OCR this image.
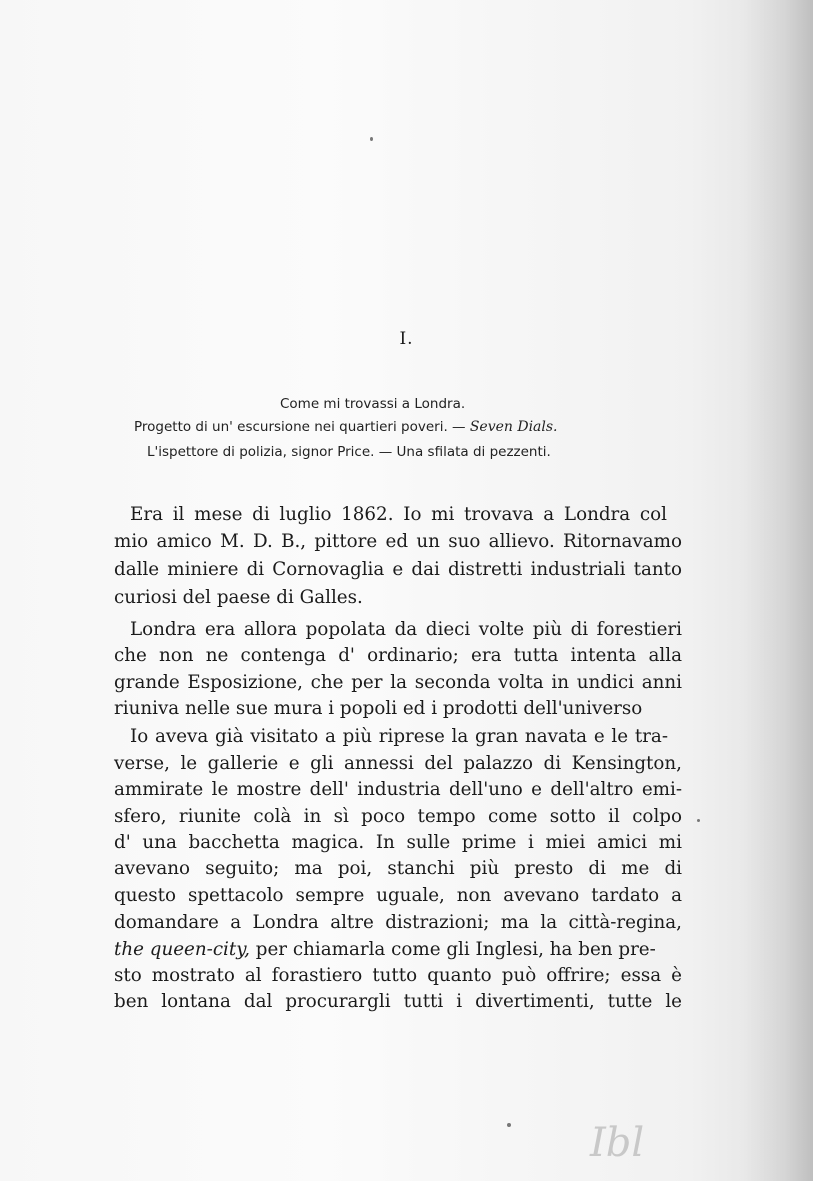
I.
Come mi trovassi a Londra.
Progetto di un' escursione nei quartieri poveri. — Seven Dials.
L'ispettore di polizia, signor Price. — Una sfilata di pezzenti.
Era il mese di luglio 1862. Io mi trovava a Londra col
mio amico M. D. B., pittore ed un suo allievo. Ritornavamo
dalle miniere di Cornovaglia e dai distretti industriali tanto
curiosi del paese di Galles.
Londra era allora popolata da dieci volte più di forestieri
che non ne contenga d' ordinario; era tutta intenta alla
grande Esposizione, che per la seconda volta in undici anni
riuniva nelle sue mura i popoli ed i prodotti dell'universo
Io aveva già visitato a più riprese la gran navata e le tra-
verse, le gallerie e gli annessi del palazzo di Kensington,
ammirate le mostre dell' industria dell'uno e dell'altro emi-
sfero, riunite colà in sì poco tempo come sotto il colpo
d' una bacchetta magica. In sulle prime i miei amici mi
avevano seguito; ma poi, stanchi più presto di me di
questo spettacolo sempre uguale, non avevano tardato a
domandare a Londra altre distrazioni; ma la città-regina,
the queen-city, per chiamarla come gli Inglesi, ha ben pre-
sto mostrato al forastiero tutto quanto può offrire; essa è
ben lontana dal procurargli tutti i divertimenti, tutte le
Ibl
